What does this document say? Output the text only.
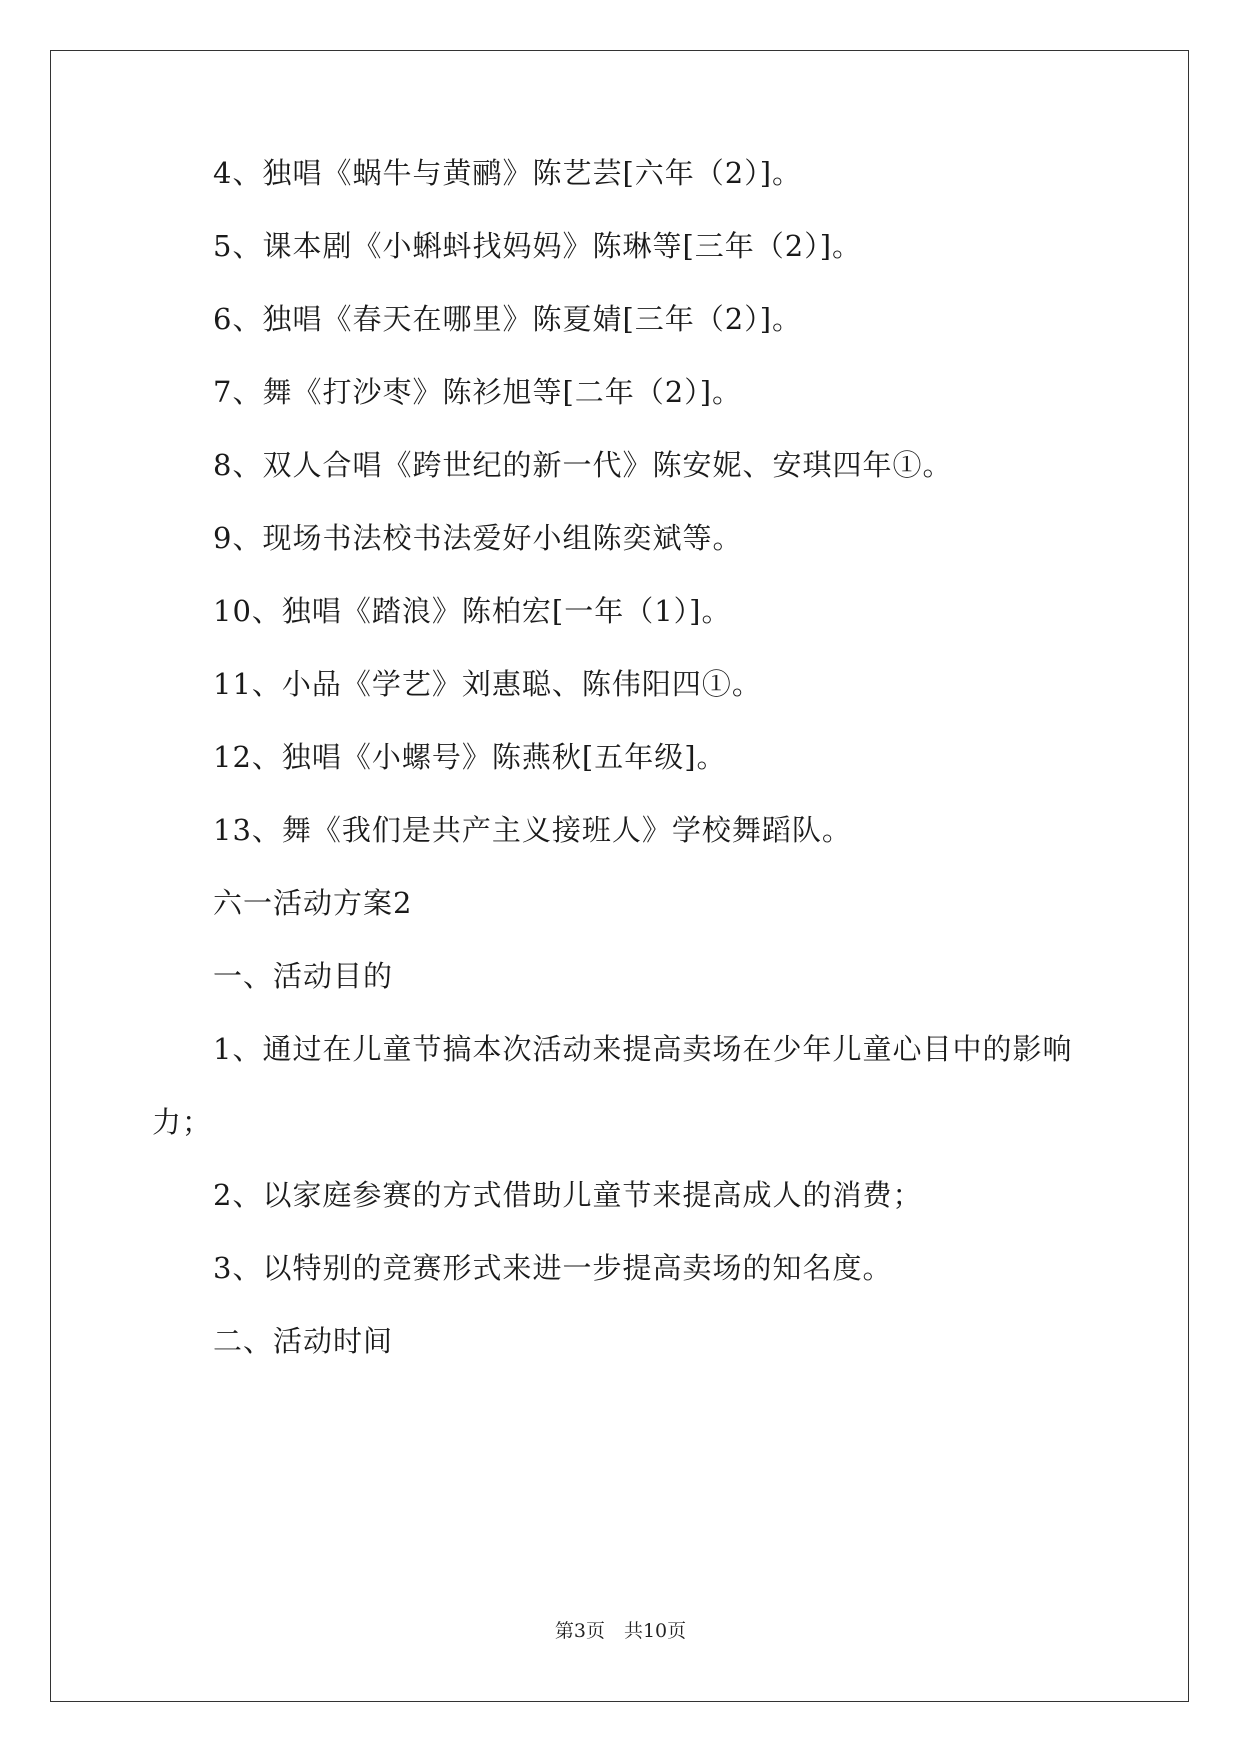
4、独唱《蜗牛与黄鹂》陈艺芸[六年（2）]。
5、课本剧《小蝌蚪找妈妈》陈琳等[三年（2）]。
6、独唱《春天在哪里》陈夏婧[三年（2）]。
7、舞《打沙枣》陈衫旭等[二年（2）]。
8、双人合唱《跨世纪的新一代》陈安妮、安琪四年①。
9、现场书法校书法爱好小组陈奕斌等。
10、独唱《踏浪》陈柏宏[一年（1）]。
11、小品《学艺》刘惠聪、陈伟阳四①。
12、独唱《小螺号》陈燕秋[五年级]。
13、舞《我们是共产主义接班人》学校舞蹈队。
六一活动方案2
一、活动目的
1、通过在儿童节搞本次活动来提高卖场在少年儿童心目中的影响
力；
2、以家庭参赛的方式借助儿童节来提高成人的消费；
3、以特别的竞赛形式来进一步提高卖场的知名度。
二、活动时间
第3页　共10页
